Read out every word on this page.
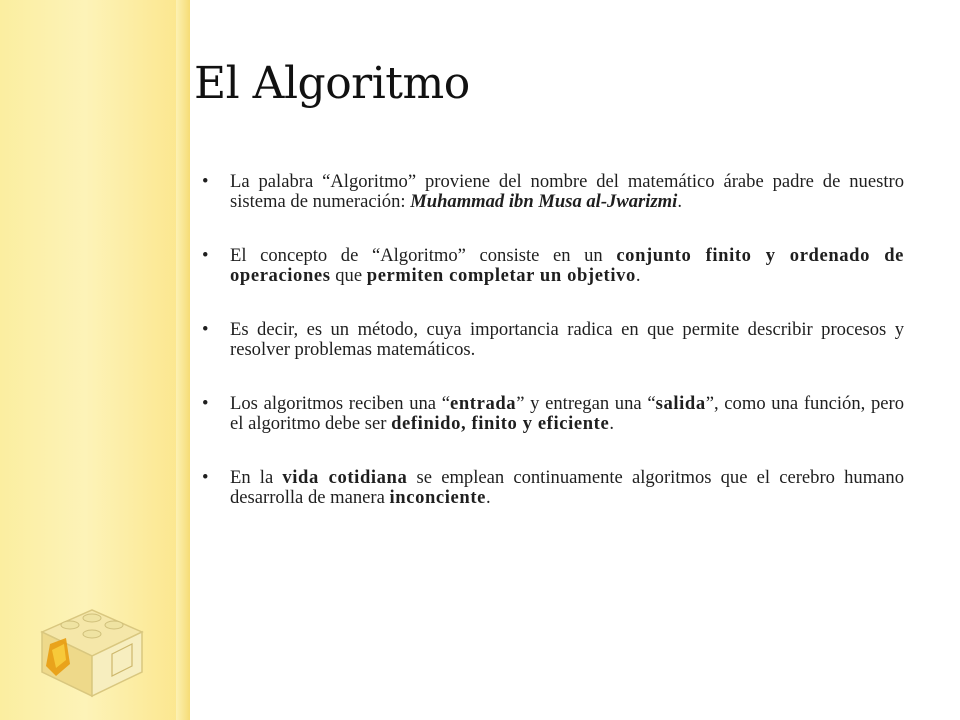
El Algoritmo
• La palabra “Algoritmo” proviene del nombre del matemático árabe padre de nuestro sistema de numeración: Muhammad ibn Musa al-Jwarizmi.
• El concepto de “Algoritmo” consiste en un conjunto finito y ordenado de operaciones que permiten completar un objetivo.
• Es decir, es un método, cuya importancia radica en que permite describir procesos y resolver problemas matemáticos.
• Los algoritmos reciben una “entrada” y entregan una “salida”, como una función, pero el algoritmo debe ser definido, finito y eficiente.
• En la vida cotidiana se emplean continuamente algoritmos que el cerebro humano desarrolla de manera inconciente.
